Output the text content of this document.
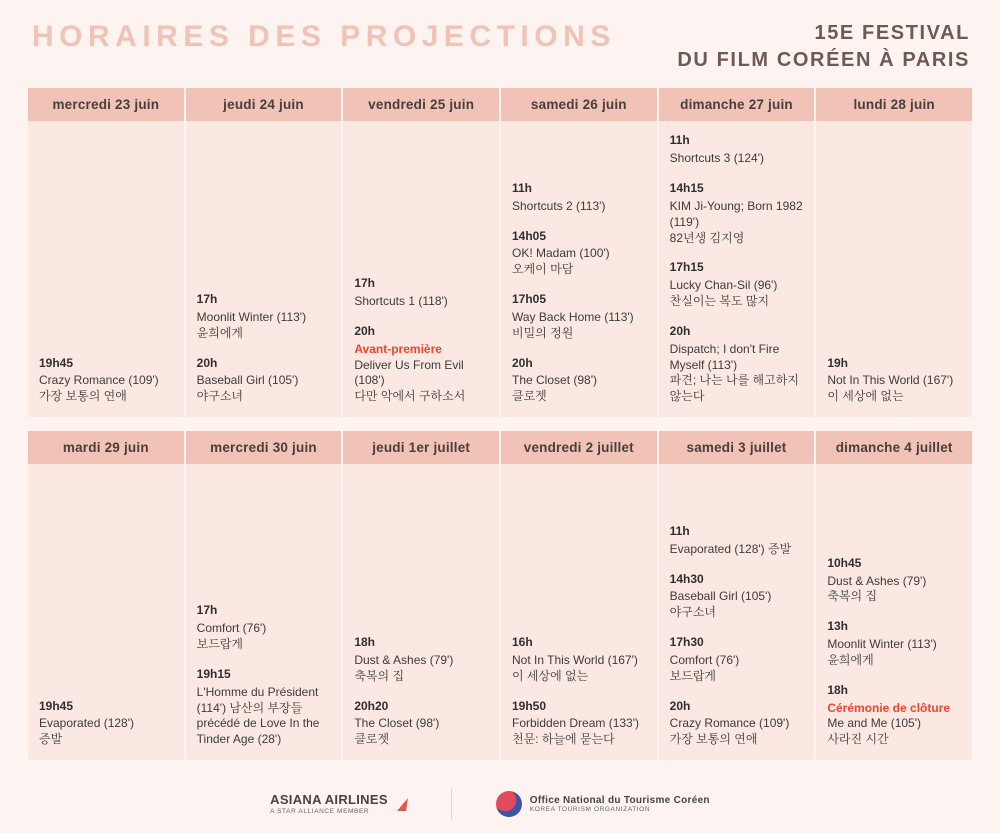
HORAIRES DES PROJECTIONS	15E FESTIVAL
DU FILM CORÉEN À PARIS
mercredi 23 juin
19h45
Crazy Romance (109')
가장 보통의 연애
jeudi 24 juin
17h
Moonlit Winter (113')
윤희에게
20h
Baseball Girl (105')
야구소녀
vendredi 25 juin
17h
Shortcuts 1 (118')
20h
Avant-première
Deliver Us From Evil (108')
다만 악에서 구하소서
samedi 26 juin
11h
Shortcuts 2 (113')
14h05
OK! Madam (100')
오케이 마담
17h05
Way Back Home (113')
비밀의 정원
20h
The Closet (98')
클로젯
dimanche 27 juin
11h
Shortcuts 3 (124')
14h15
KIM Ji-Young; Born 1982 (119')
82년생 김지영
17h15
Lucky Chan-Sil (96')
찬실이는 복도 많지
20h
Dispatch; I don't Fire Myself (113')
파견; 나는 나를 해고하지 않는다
lundi 28 juin
19h
Not In This World (167')
이 세상에 없는
mardi 29 juin
19h45
Evaporated (128')
증발
mercredi 30 juin
17h
Comfort (76')
보드랍게
19h15
L'Homme du Président (114') 남산의 부장들 précédé de Love In the Tinder Age (28')
jeudi 1er juillet
18h
Dust & Ashes (79')
축복의 집
20h20
The Closet (98')
클로젯
vendredi 2 juillet
16h
Not In This World (167')
이 세상에 없는
19h50
Forbidden Dream (133')
천문: 하늘에 묻는다
samedi 3 juillet
11h
Evaporated (128') 증발
14h30
Baseball Girl (105')
야구소녀
17h30
Comfort (76')
보드랍게
20h
Crazy Romance (109')
가장 보통의 연애
dimanche 4 juillet
10h45
Dust & Ashes (79')
축복의 집
13h
Moonlit Winter (113')
윤희에게
18h
Cérémonie de clôture
Me and Me (105')
사라진 시간
ASIANA AIRLINES
A STAR ALLIANCE MEMBER
Office National du Tourisme Coréen
KOREA TOURISM ORGANIZATION
